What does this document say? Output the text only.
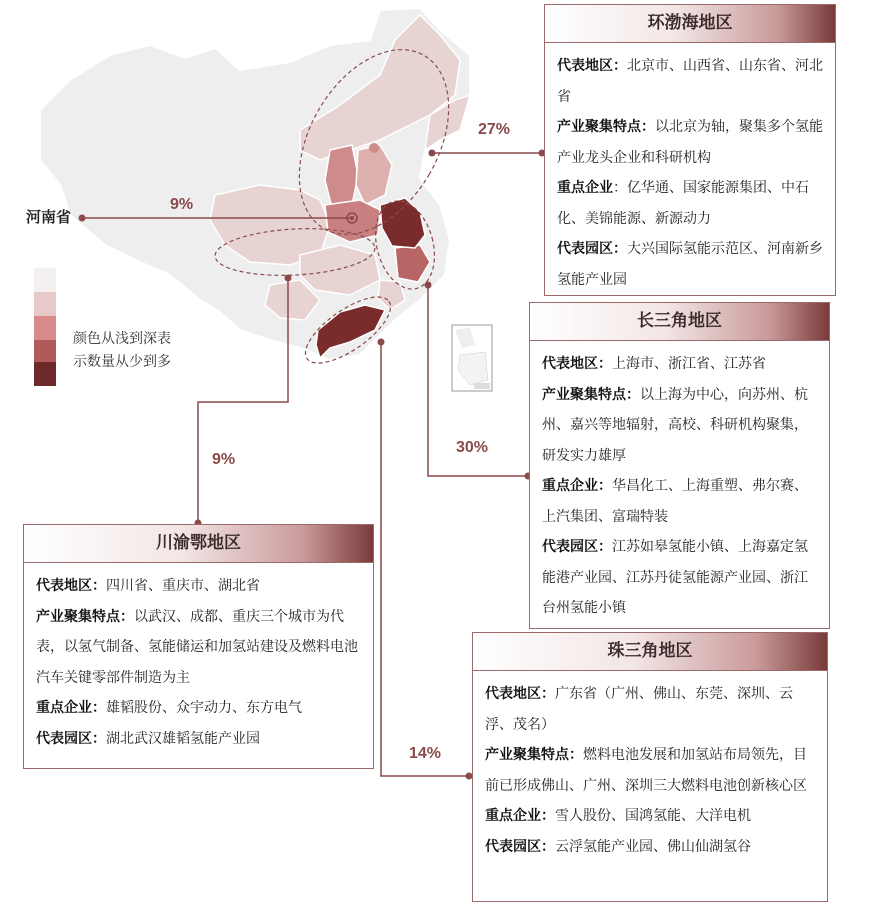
颜色从浅到深表
示数量从少到多
河南省
9%
27%
9%
30%
14%
环渤海地区

代表地区：北京市、山西省、山东省、河北省

产业聚集特点：以北京为轴，聚集多个氢能产业龙头企业和科研机构

重点企业：亿华通、国家能源集团、中石化、美锦能源、新源动力

代表园区：大兴国际氢能示范区、河南新乡氢能产业园

长三角地区

代表地区：上海市、浙江省、江苏省

产业聚集特点：以上海为中心，向苏州、杭州、嘉兴等地辐射，高校、科研机构聚集，研发实力雄厚

重点企业：华昌化工、上海重塑、弗尔赛、上汽集团、富瑞特装

代表园区：江苏如皋氢能小镇、上海嘉定氢能港产业园、江苏丹徒氢能源产业园、浙江台州氢能小镇

川渝鄂地区

代表地区：四川省、重庆市、湖北省

产业聚集特点：以武汉、成都、重庆三个城市为代表，以氢气制备、氢能储运和加氢站建设及燃料电池汽车关键零部件制造为主

重点企业：雄韬股份、众宇动力、东方电气

代表园区：湖北武汉雄韬氢能产业园

珠三角地区

代表地区：广东省（广州、佛山、东莞、深圳、云浮、茂名）

产业聚集特点：燃料电池发展和加氢站布局领先，目前已形成佛山、广州、深圳三大燃料电池创新核心区

重点企业：雪人股份、国鸿氢能、大洋电机

代表园区：云浮氢能产业园、佛山仙湖氢谷
